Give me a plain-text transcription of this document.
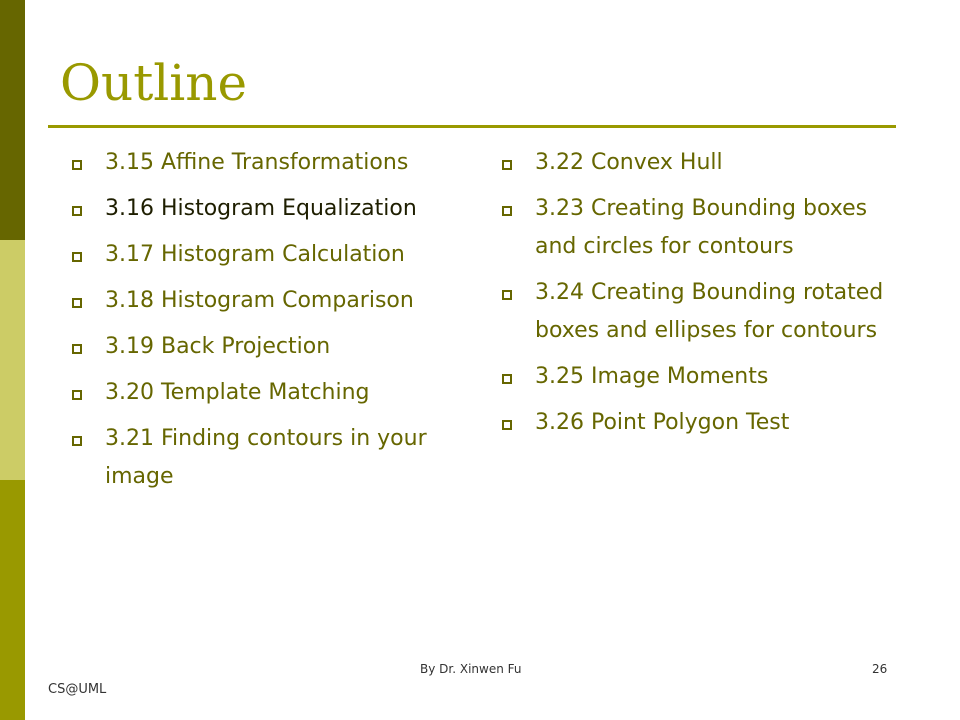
Outline
3.15 Affine Transformations
3.16 Histogram Equalization
3.17 Histogram Calculation
3.18 Histogram Comparison
3.19 Back Projection
3.20 Template Matching
3.21 Finding contours in your image
3.22 Convex Hull
3.23 Creating Bounding boxes and circles for contours
3.24 Creating Bounding rotated boxes and ellipses for contours
3.25 Image Moments
3.26 Point Polygon Test
By Dr. Xinwen Fu	26
CS@UML
